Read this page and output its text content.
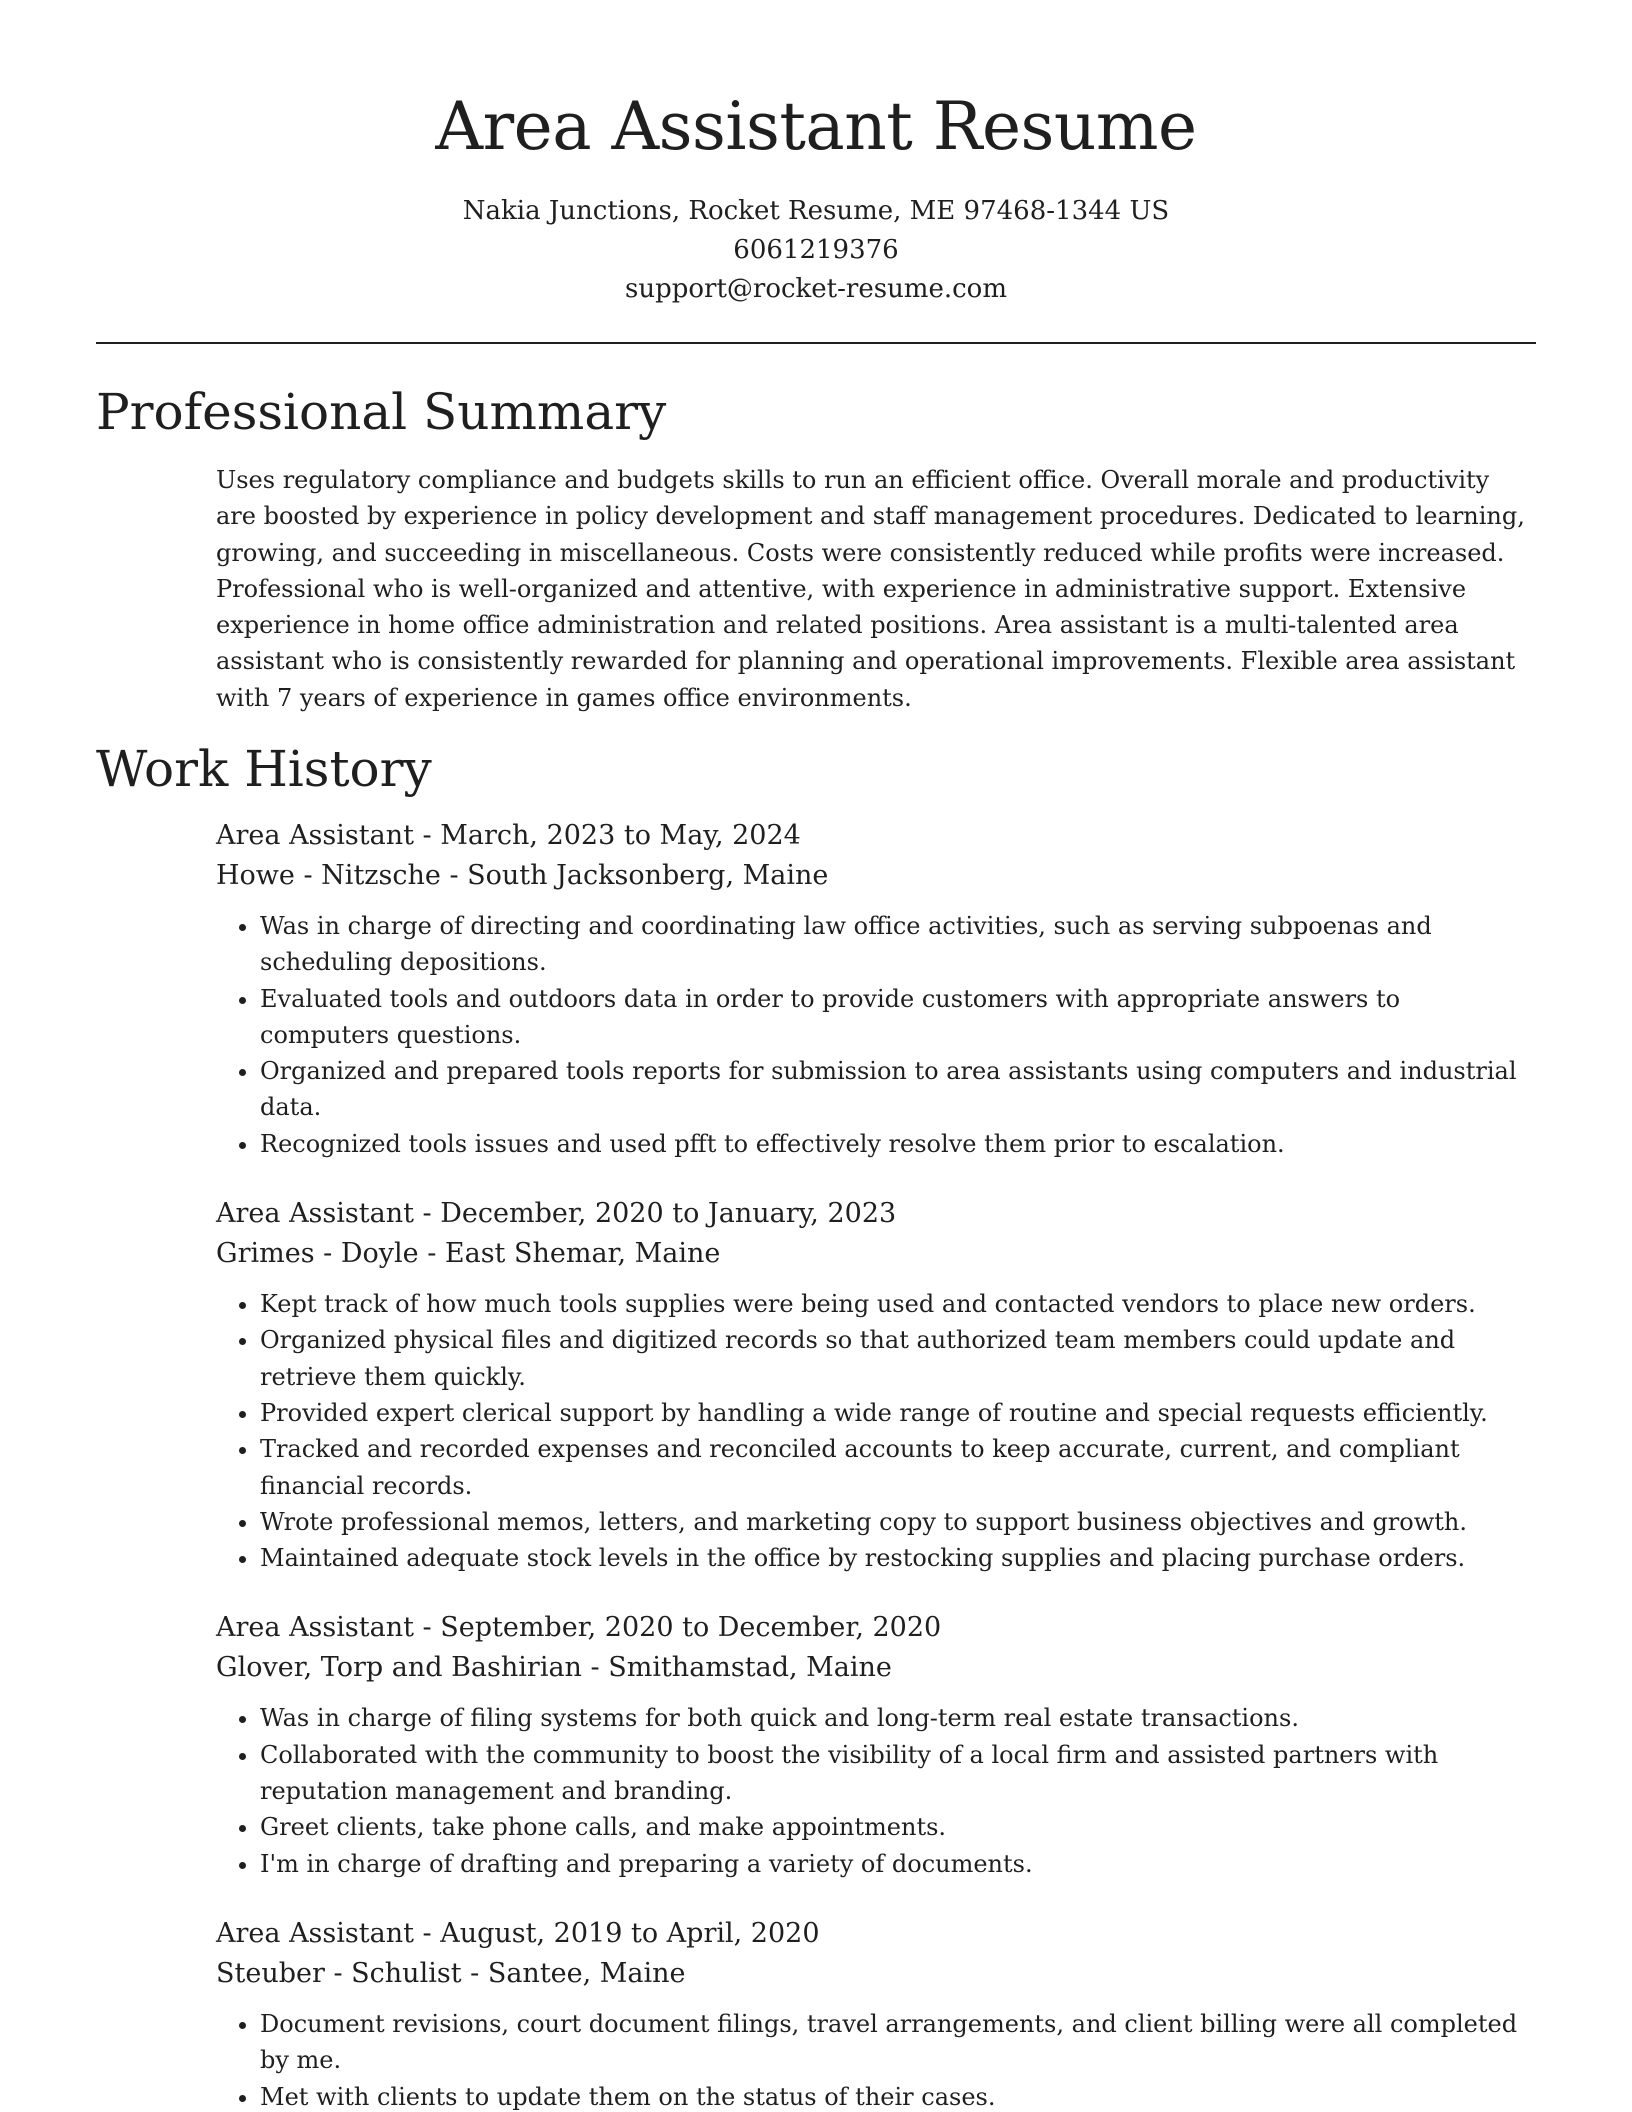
Area Assistant Resume
Nakia Junctions, Rocket Resume, ME 97468-1344 US
6061219376
support@rocket-resume.com
Professional Summary

Uses regulatory compliance and budgets skills to run an efficient office. Overall morale and productivity are boosted by experience in policy development and staff management procedures. Dedicated to learning, growing, and succeeding in miscellaneous. Costs were consistently reduced while profits were increased. Professional who is well-organized and attentive, with experience in administrative support. Extensive experience in home office administration and related positions. Area assistant is a multi-talented area assistant who is consistently rewarded for planning and operational improvements. Flexible area assistant with 7 years of experience in games office environments.

Work History
Area Assistant - March, 2023 to May, 2024
Howe - Nitzsche - South Jacksonberg, Maine
• Was in charge of directing and coordinating law office activities, such as serving subpoenas and scheduling depositions.
• Evaluated tools and outdoors data in order to provide customers with appropriate answers to computers questions.
• Organized and prepared tools reports for submission to area assistants using computers and industrial data.
• Recognized tools issues and used pfft to effectively resolve them prior to escalation.
Area Assistant - December, 2020 to January, 2023
Grimes - Doyle - East Shemar, Maine
• Kept track of how much tools supplies were being used and contacted vendors to place new orders.
• Organized physical files and digitized records so that authorized team members could update and retrieve them quickly.
• Provided expert clerical support by handling a wide range of routine and special requests efficiently.
• Tracked and recorded expenses and reconciled accounts to keep accurate, current, and compliant financial records.
• Wrote professional memos, letters, and marketing copy to support business objectives and growth.
• Maintained adequate stock levels in the office by restocking supplies and placing purchase orders.
Area Assistant - September, 2020 to December, 2020
Glover, Torp and Bashirian - Smithamstad, Maine
• Was in charge of filing systems for both quick and long-term real estate transactions.
• Collaborated with the community to boost the visibility of a local firm and assisted partners with reputation management and branding.
• Greet clients, take phone calls, and make appointments.
• I'm in charge of drafting and preparing a variety of documents.
Area Assistant - August, 2019 to April, 2020
Steuber - Schulist - Santee, Maine
• Document revisions, court document filings, travel arrangements, and client billing were all completed by me.
• Met with clients to update them on the status of their cases.
